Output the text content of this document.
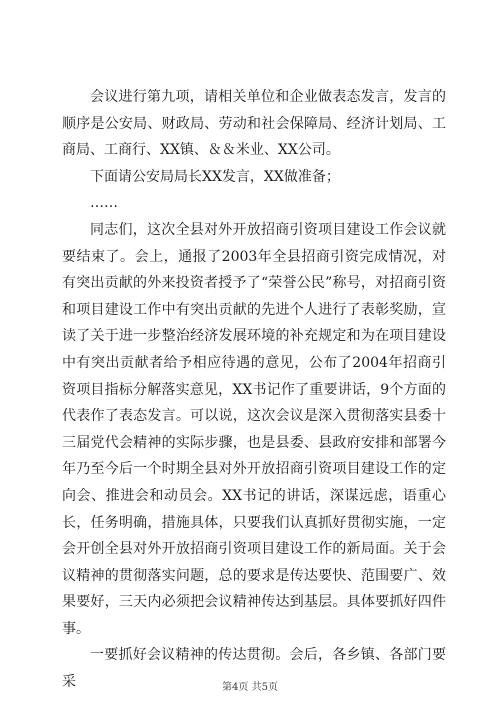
会议进行第九项，请相关单位和企业做表态发言，发言的顺序是公安局、财政局、劳动和社会保障局、经济计划局、工商局、工商行、XX镇、＆＆米业、XX公司。

下面请公安局局长XX发言，XX做准备；

……

同志们，这次全县对外开放招商引资项目建设工作会议就要结束了。会上，通报了2003年全县招商引资完成情况，对有突出贡献的外来投资者授予了“荣誉公民”称号，对招商引资和项目建设工作中有突出贡献的先进个人进行了表彰奖励，宣读了关于进一步整治经济发展环境的补充规定和为在项目建设中有突出贡献者给予相应待遇的意见，公布了2004年招商引资项目指标分解落实意见，XX书记作了重要讲话，9个方面的代表作了表态发言。可以说，这次会议是深入贯彻落实县委十三届党代会精神的实际步骤，也是县委、县政府安排和部署今年乃至今后一个时期全县对外开放招商引资项目建设工作的定向会、推进会和动员会。XX书记的讲话，深谋远虑，语重心长，任务明确，措施具体，只要我们认真抓好贯彻实施，一定会开创全县对外开放招商引资项目建设工作的新局面。关于会议精神的贯彻落实问题，总的要求是传达要快、范围要广、效果要好，三天内必须把会议精神传达到基层。具体要抓好四件事。

一要抓好会议精神的传达贯彻。会后，各乡镇、各部门要采	第4页 共5页
